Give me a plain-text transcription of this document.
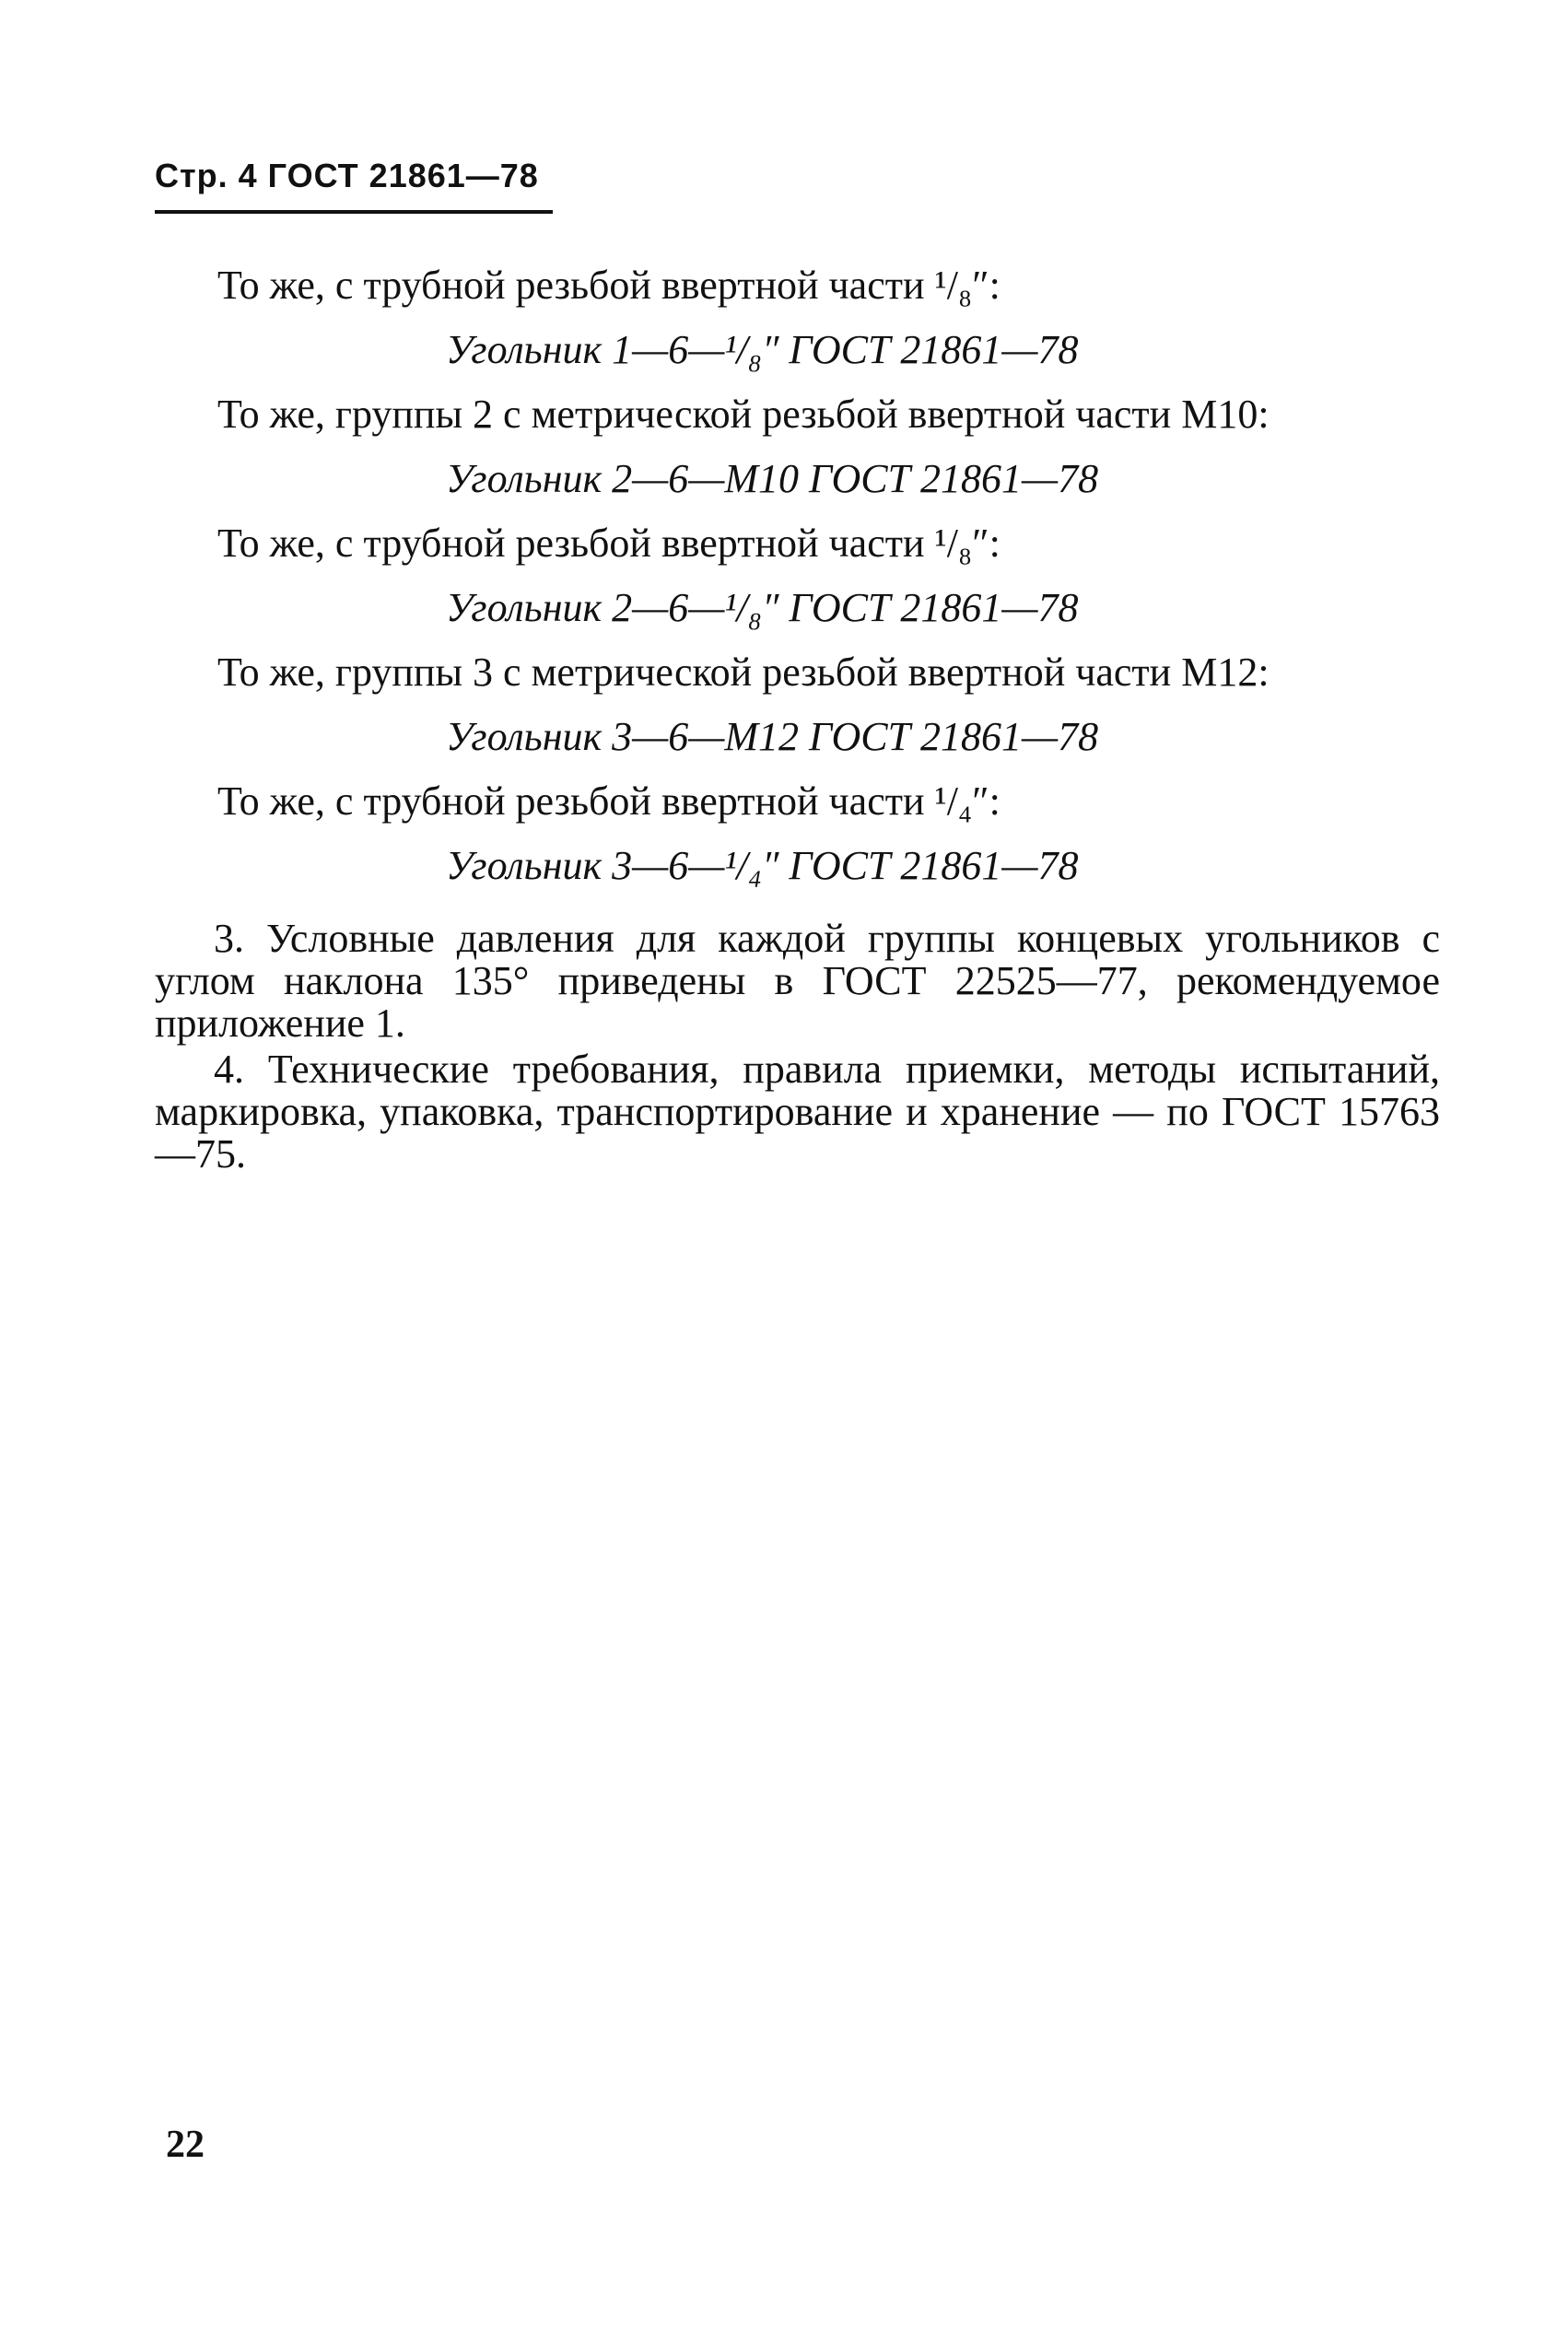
Стр. 4 ГОСТ 21861—78
То же, с трубной резьбой ввертной части ¹/₈″:
Угольник 1—6—¹/₈″ ГОСТ 21861—78
То же, группы 2 с метрической резьбой ввертной части М10:
Угольник 2—6—М10 ГОСТ 21861—78
То же, с трубной резьбой ввертной части ¹/₈″:
Угольник 2—6—¹/₈″ ГОСТ 21861—78
То же, группы 3 с метрической резьбой ввертной части М12:
Угольник 3—6—М12 ГОСТ 21861—78
То же, с трубной резьбой ввертной части ¹/₄″:
Угольник 3—6—¹/₄″ ГОСТ 21861—78
3. Условные давления для каждой группы концевых угольников с углом наклона 135° приведены в ГОСТ 22525—77, рекомендуемое приложение 1.
4. Технические требования, правила приемки, методы испытаний, маркировка, упаковка, транспортирование и хранение — по ГОСТ 15763—75.
22
